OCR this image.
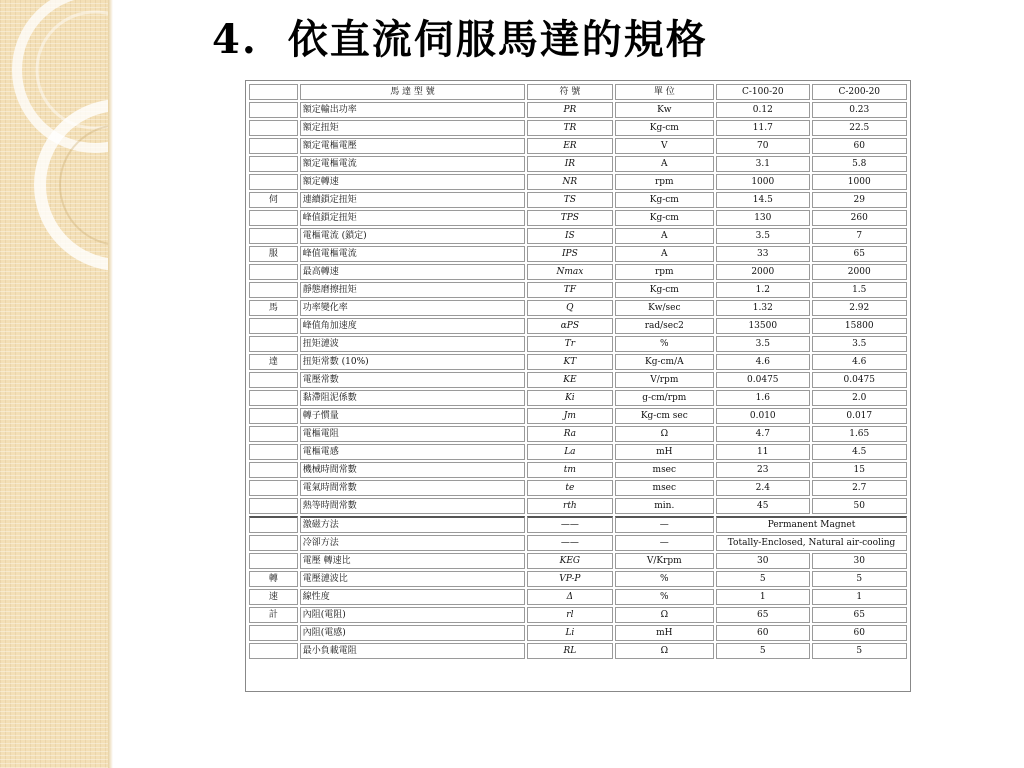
4. 依直流伺服馬達的規格
	馬 達 型 號	符 號	單 位	C-100-20	C-200-20
	額定輸出功率	PR	Kw	0.12	0.23
	額定扭矩	TR	Kg-cm	11.7	22.5
	額定電樞電壓	ER	V	70	60
	額定電樞電流	IR	A	3.1	5.8
	額定轉速	NR	rpm	1000	1000
伺	連續鎖定扭矩	TS	Kg-cm	14.5	29
	峰值鎖定扭矩	TPS	Kg-cm	130	260
	電樞電流 (鎖定)	IS	A	3.5	7
服	峰值電樞電流	IPS	A	33	65
	最高轉速	Nmax	rpm	2000	2000
	靜態磨擦扭矩	TF	Kg-cm	1.2	1.5
馬	功率變化率	Q	Kw/sec	1.32	2.92
	峰值角加速度	αPS	rad/sec2	13500	15800
	扭矩漣波	Tr	%	3.5	3.5
達	扭矩常數 (10%)	KT	Kg-cm/A	4.6	4.6
	電壓常數	KE	V/rpm	0.0475	0.0475
	黏滯阻泥係數	Ki	g-cm/rpm	1.6	2.0
	轉子慣量	Jm	Kg-cm sec	0.010	0.017
	電樞電阻	Ra	Ω	4.7	1.65
	電樞電感	La	mH	11	4.5
	機械時間常數	tm	msec	23	15
	電氣時間常數	te	msec	2.4	2.7
	熱等時間常數	rth	min.	45	50
	激磁方法	——	—	Permanent Magnet	
	冷卻方法	——	—	Totally-Enclosed, Natural air-cooling	
	電壓 轉速比	KEG	V/Krpm	30	30
轉	電壓漣波比	VP-P	%	5	5
速	線性度	Δ	%	1	1
計	內阻(電阻)	rl	Ω	65	65
	內阻(電感)	Li	mH	60	60
	最小負載電阻	RL	Ω	5	5
